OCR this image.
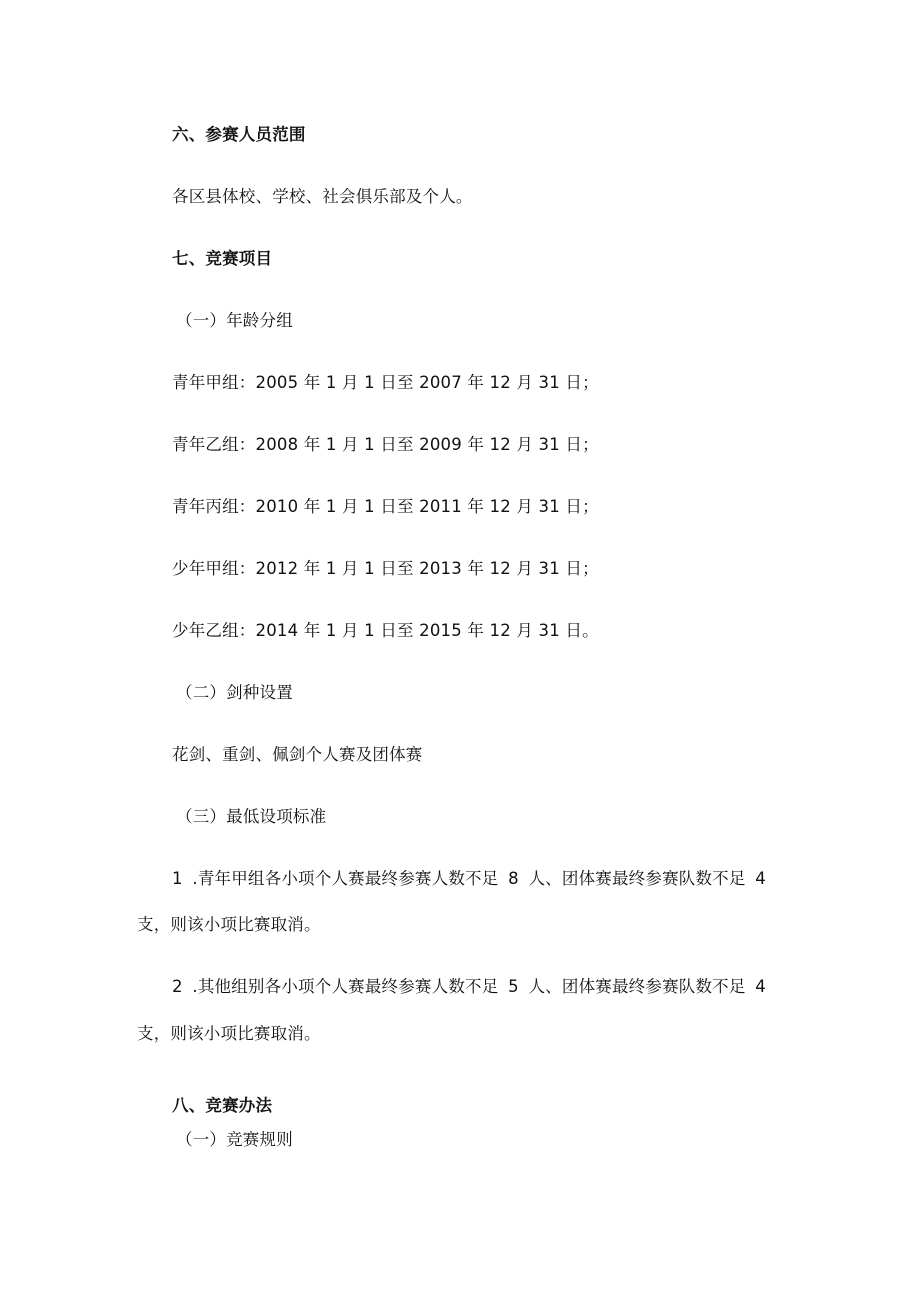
六、参赛人员范围
各区县体校、学校、社会俱乐部及个人。
七、竞赛项目
（一）年龄分组
青年甲组：2005 年 1 月 1 日至 2007 年 12 月 31 日；
青年乙组：2008 年 1 月 1 日至 2009 年 12 月 31 日；
青年丙组：2010 年 1 月 1 日至 2011 年 12 月 31 日；
少年甲组：2012 年 1 月 1 日至 2013 年 12 月 31 日；
少年乙组：2014 年 1 月 1 日至 2015 年 12 月 31 日。
（二）剑种设置
花剑、重剑、佩剑个人赛及团体赛
（三）最低设项标准
1 .青年甲组各小项个人赛最终参赛人数不足 8 人、团体赛最终参赛队数不足 4
支，则该小项比赛取消。
2 .其他组别各小项个人赛最终参赛人数不足 5 人、团体赛最终参赛队数不足 4
支，则该小项比赛取消。
八、竞赛办法
（一）竞赛规则
